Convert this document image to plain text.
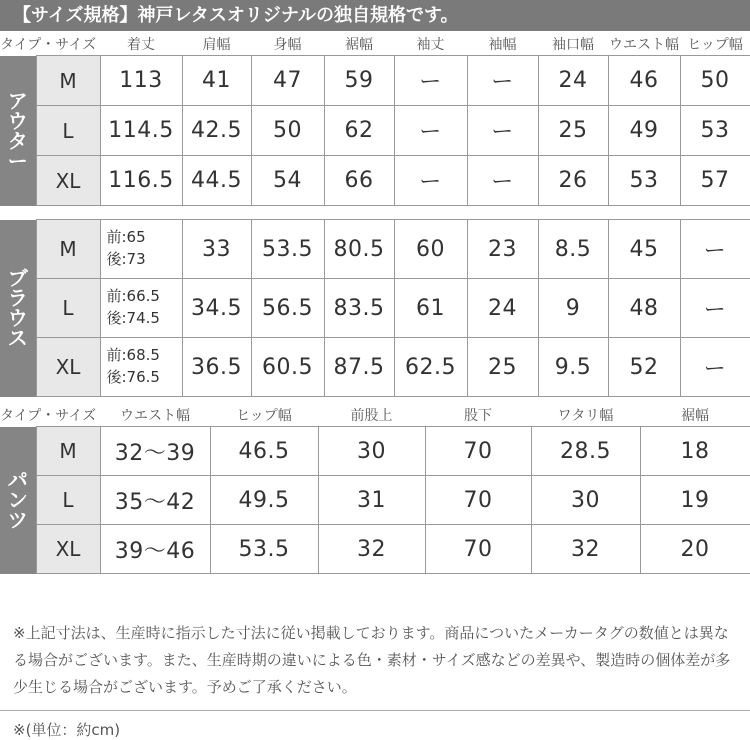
【サイズ規格】神戸レタスオリジナルの独自規格です。
タイプ・サイズ		着丈	肩幅	身幅	裾幅	袖丈	袖幅	袖口幅	ウエスト幅	ヒップ幅

ア
ウ
タ
ー	M	113	41	47	59	ー	ー	24	46	50
	L	114.5	42.5	50	62	ー	ー	25	49	53
	XL	116.5	44.5	54	66	ー	ー	26	53	57

ブ
ラ
ウ
ス	M	前:65
後:73	33	53.5	80.5	60	23	8.5	45	ー
	L	前:66.5
後:74.5	34.5	56.5	83.5	61	24	9	48	ー
	XL	前:68.5
後:76.5	36.5	60.5	87.5	62.5	25	9.5	52	ー
タイプ・サイズ		ウエスト幅	ヒップ幅	前股上	股下	ワタリ幅	裾幅

パ
ン
ツ	M	32〜39	46.5	30	70	28.5	18
	L	35〜42	49.5	31	70	30	19
	XL	39〜46	53.5	32	70	32	20
※上記寸法は、生産時に指示した寸法に従い掲載しております。商品についたメーカータグの数値とは異なる場合がございます。また、生産時期の違いによる色・素材・サイズ感などの差異や、製造時の個体差が多少生じる場合がございます。予めご了承ください。
※(単位：約cm)
